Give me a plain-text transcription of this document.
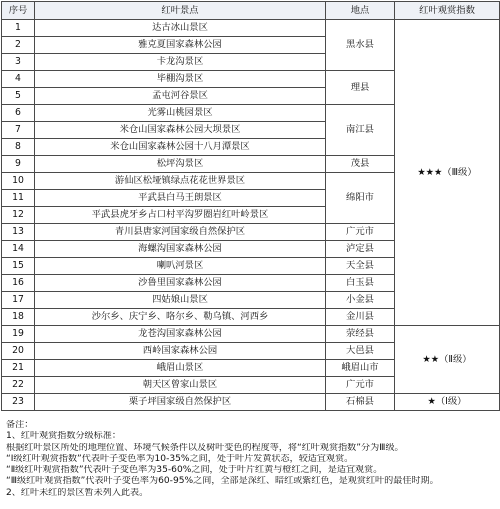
序号	红叶景点	地点	红叶观赏指数
1	达古冰山景区	黑水县	★★★（Ⅲ级）
2	雅克夏国家森林公园		
3	卡龙沟景区		
4	毕棚沟景区	理县	
5	孟屯河谷景区		
6	光雾山桃园景区	南江县	
7	米仓山国家森林公园大坝景区		
8	米仓山国家森林公园十八月潭景区		
9	松坪沟景区	茂县	
10	游仙区松垭镇绿点花花世界景区	绵阳市	
11	平武县白马王朗景区		
12	平武县虎牙乡占口村平沟罗圈岩红叶岭景区		
13	青川县唐家河国家级自然保护区	广元市	
14	海螺沟国家森林公园	泸定县	
15	喇叭河景区	天全县	
16	沙鲁里国家森林公园	白玉县	
17	四姑娘山景区	小金县	
18	沙尔乡、庆宁乡、咯尔乡、勒乌镇、河西乡	金川县	
19	龙苍沟国家森林公园	荥经县	★★（Ⅱ级）
20	西岭国家森林公园	大邑县	
21	峨眉山景区	峨眉山市	
22	朝天区曾家山景区	广元市	
23	栗子坪国家级自然保护区	石棉县	★（Ⅰ级）
备注：
1、红叶观赏指数分级标准：
根据红叶景区所处的地理位置、环境气候条件以及树叶变色的程度等，将“红叶观赏指数”分为Ⅲ级。
“Ⅰ级红叶观赏指数”代表叶子变色率为10-35%之间，处于叶片发黄状态，较适宜观赏。
“Ⅱ级红叶观赏指数”代表叶子变色率为35-60%之间，处于叶片红黄与橙红之间，是适宜观赏。
“Ⅲ级红叶观赏指数”代表叶子变色率为60-95%之间，全部是深红、暗红或紫红色，是观赏红叶的最佳时期。
2、红叶未红的景区暂未列入此表。
